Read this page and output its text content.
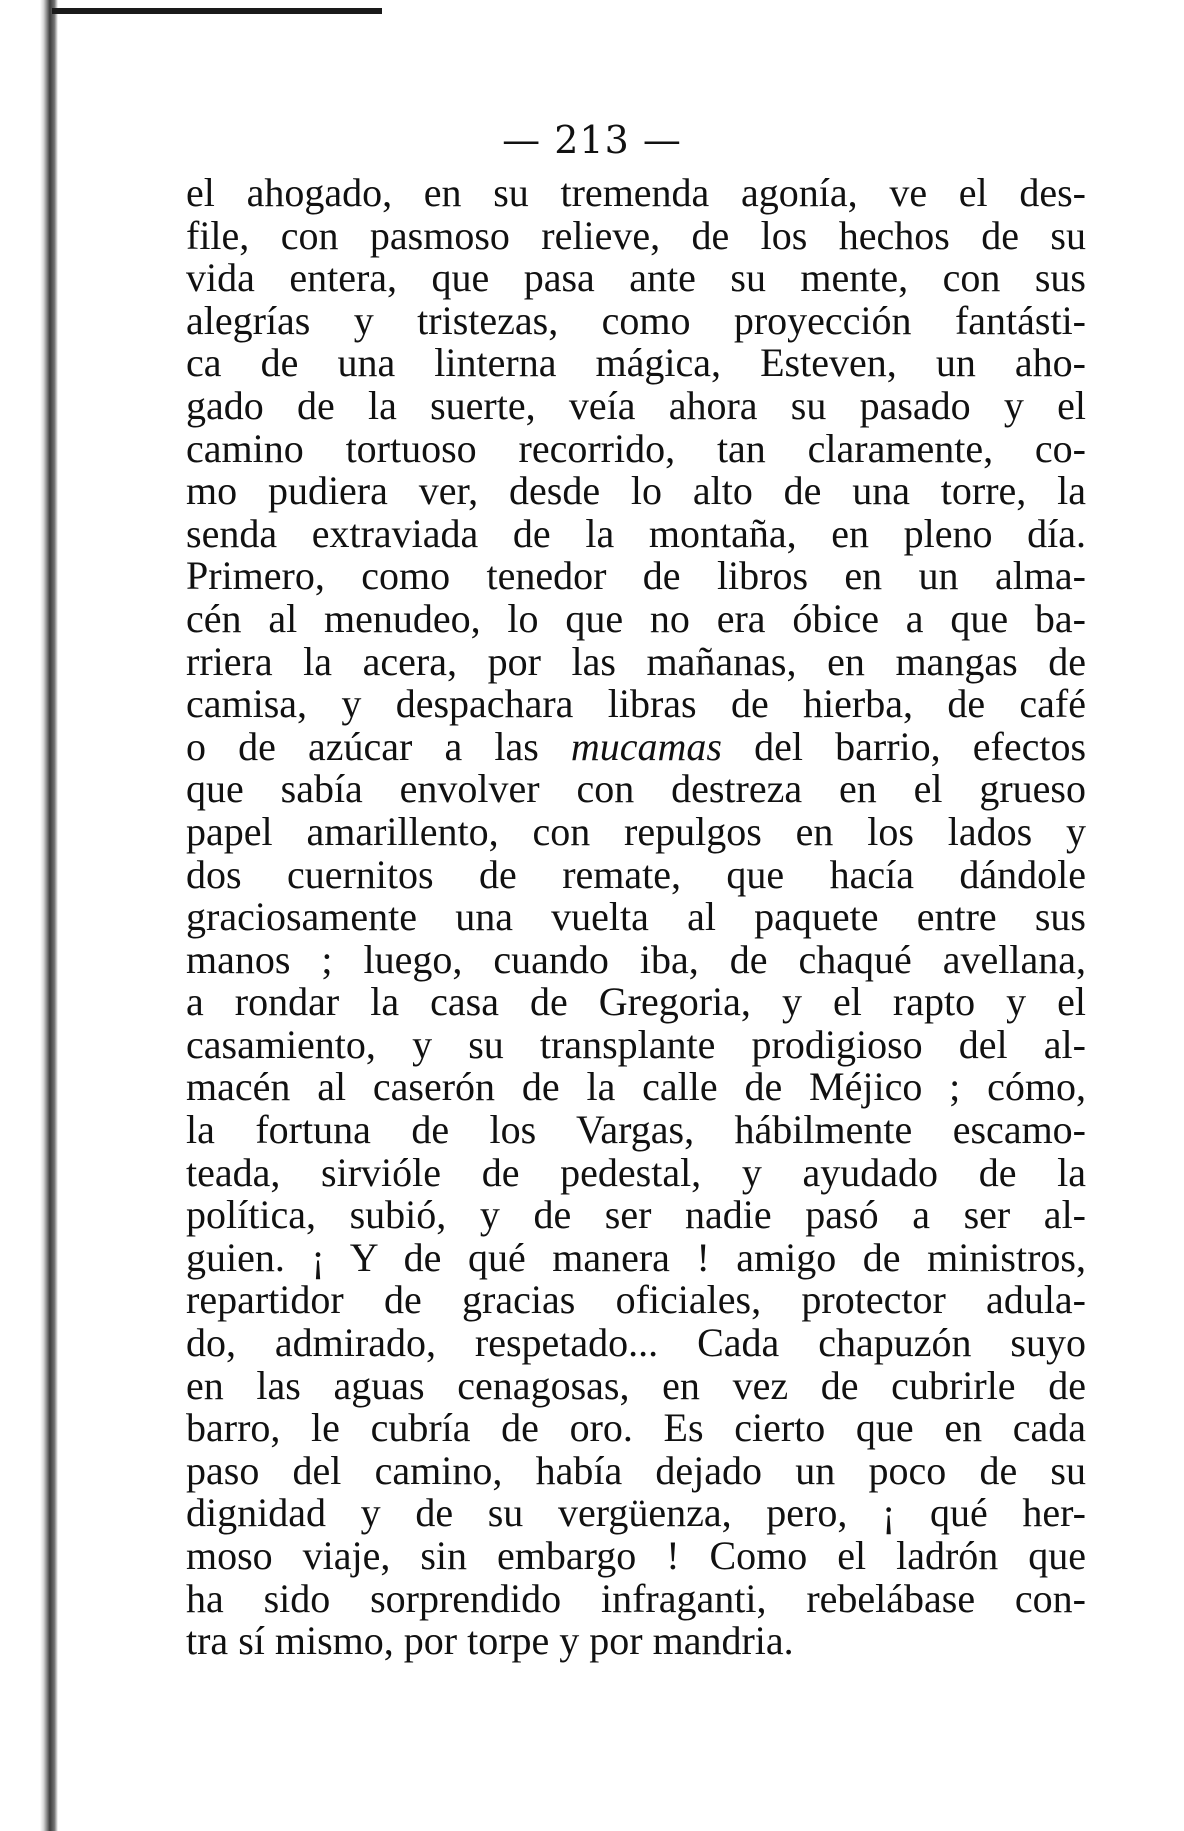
— 213 —
el ahogado, en su tremenda agonía, ve el des-
file, con pasmoso relieve, de los hechos de su
vida entera, que pasa ante su mente, con sus
alegrías y tristezas, como proyección fantásti-
ca de una linterna mágica, Esteven, un aho-
gado de la suerte, veía ahora su pasado y el
camino tortuoso recorrido, tan claramente, co-
mo pudiera ver, desde lo alto de una torre, la
senda extraviada de la montaña, en pleno día.
Primero, como tenedor de libros en un alma-
cén al menudeo, lo que no era óbice a que ba-
rriera la acera, por las mañanas, en mangas de
camisa, y despachara libras de hierba, de café
o de azúcar a las mucamas del barrio, efectos
que sabía envolver con destreza en el grueso
papel amarillento, con repulgos en los lados y
dos cuernitos de remate, que hacía dándole
graciosamente una vuelta al paquete entre sus
manos ; luego, cuando iba, de chaqué avellana,
a rondar la casa de Gregoria, y el rapto y el
casamiento, y su transplante prodigioso del al-
macén al caserón de la calle de Méjico ; cómo,
la fortuna de los Vargas, hábilmente escamo-
teada, sirvióle de pedestal, y ayudado de la
política, subió, y de ser nadie pasó a ser al-
guien. ¡ Y de qué manera ! amigo de ministros,
repartidor de gracias oficiales, protector adula-
do, admirado, respetado... Cada chapuzón suyo
en las aguas cenagosas, en vez de cubrirle de
barro, le cubría de oro. Es cierto que en cada
paso del camino, había dejado un poco de su
dignidad y de su vergüenza, pero, ¡ qué her-
moso viaje, sin embargo ! Como el ladrón que
ha sido sorprendido infraganti, rebelábase con-
tra sí mismo, por torpe y por mandria.
